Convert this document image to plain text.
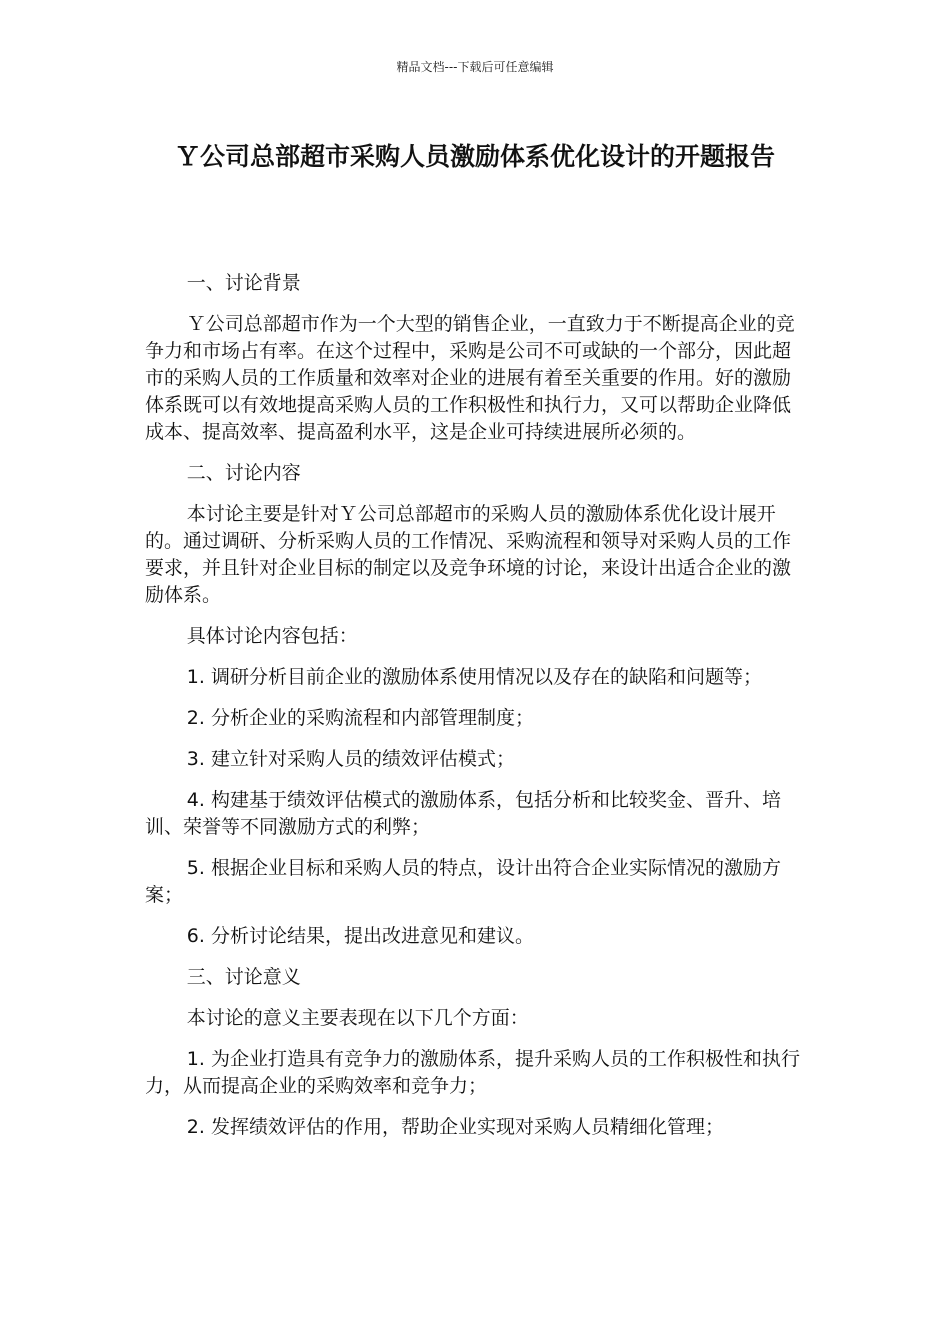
精品文档---下载后可任意编辑
Ｙ公司总部超市采购人员激励体系优化设计的开题报告

一、讨论背景

Ｙ公司总部超市作为一个大型的销售企业，一直致力于不断提高企业的竞争力和市场占有率。在这个过程中，采购是公司不可或缺的一个部分，因此超市的采购人员的工作质量和效率对企业的进展有着至关重要的作用。好的激励体系既可以有效地提高采购人员的工作积极性和执行力，又可以帮助企业降低成本、提高效率、提高盈利水平，这是企业可持续进展所必须的。

二、讨论内容

本讨论主要是针对Ｙ公司总部超市的采购人员的激励体系优化设计展开的。通过调研、分析采购人员的工作情况、采购流程和领导对采购人员的工作要求，并且针对企业目标的制定以及竞争环境的讨论，来设计出适合企业的激励体系。

具体讨论内容包括：

1. 调研分析目前企业的激励体系使用情况以及存在的缺陷和问题等；

2. 分析企业的采购流程和内部管理制度；

3. 建立针对采购人员的绩效评估模式；

4. 构建基于绩效评估模式的激励体系，包括分析和比较奖金、晋升、培训、荣誉等不同激励方式的利弊；

5. 根据企业目标和采购人员的特点，设计出符合企业实际情况的激励方案；

6. 分析讨论结果，提出改进意见和建议。

三、讨论意义

本讨论的意义主要表现在以下几个方面：

1. 为企业打造具有竞争力的激励体系，提升采购人员的工作积极性和执行力，从而提高企业的采购效率和竞争力；

2. 发挥绩效评估的作用，帮助企业实现对采购人员精细化管理；
